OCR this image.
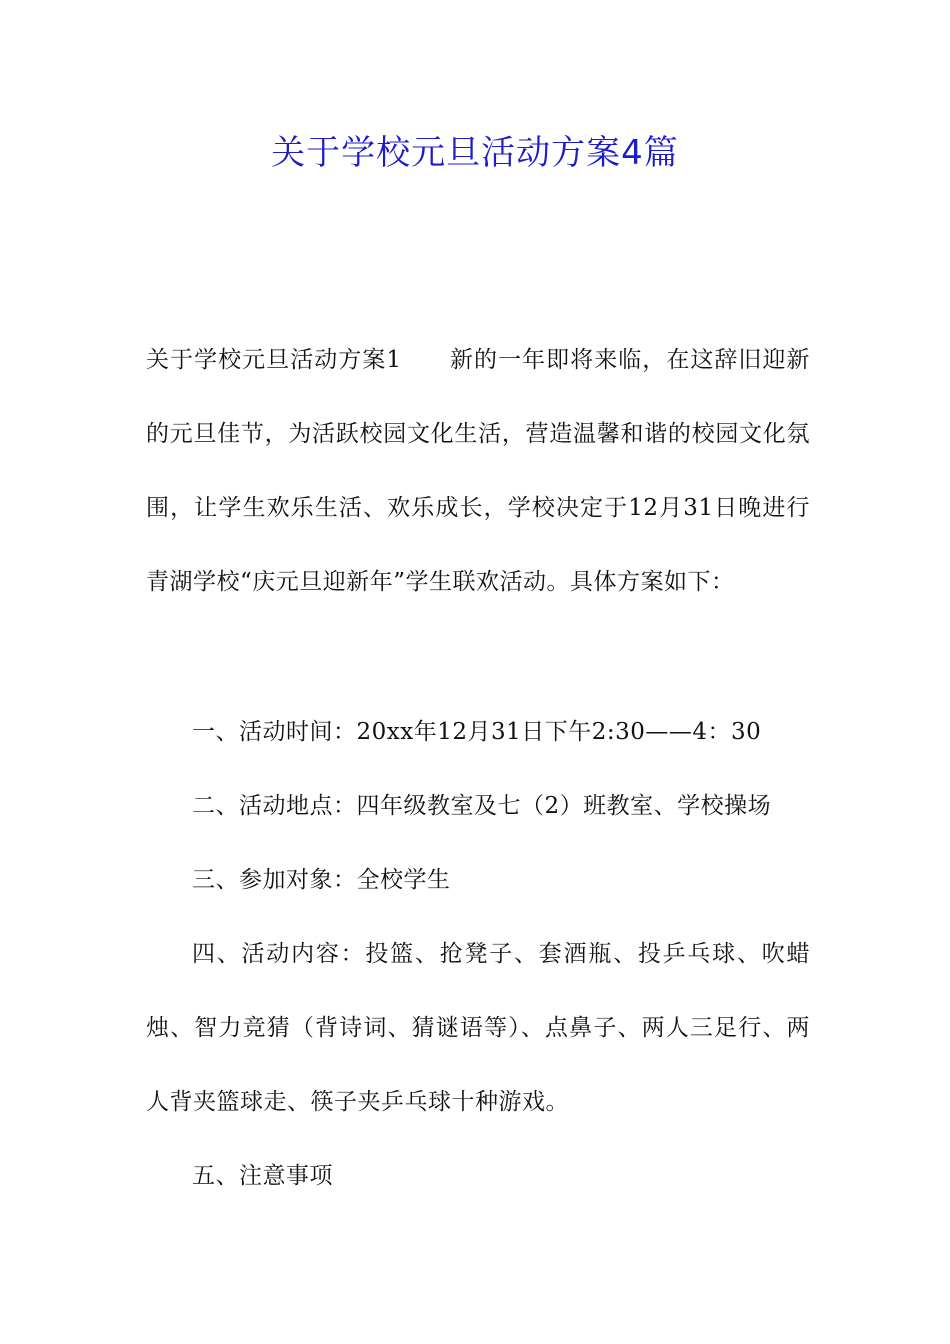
关于学校元旦活动方案4篇
关于学校元旦活动方案1 新的一年即将来临，在这辞旧迎新的元旦佳节，为活跃校园文化生活，营造温馨和谐的校园文化氛围，让学生欢乐生活、欢乐成长，学校决定于12月31日晚进行青湖学校“庆元旦迎新年”学生联欢活动。具体方案如下：
一、活动时间：20xx年12月31日下午2:30——4：30
二、活动地点：四年级教室及七（2）班教室、学校操场
三、参加对象：全校学生
四、活动内容：投篮、抢凳子、套酒瓶、投乒乓球、吹蜡烛、智力竞猜（背诗词、猜谜语等）、点鼻子、两人三足行、两人背夹篮球走、筷子夹乒乓球十种游戏。
五、注意事项
